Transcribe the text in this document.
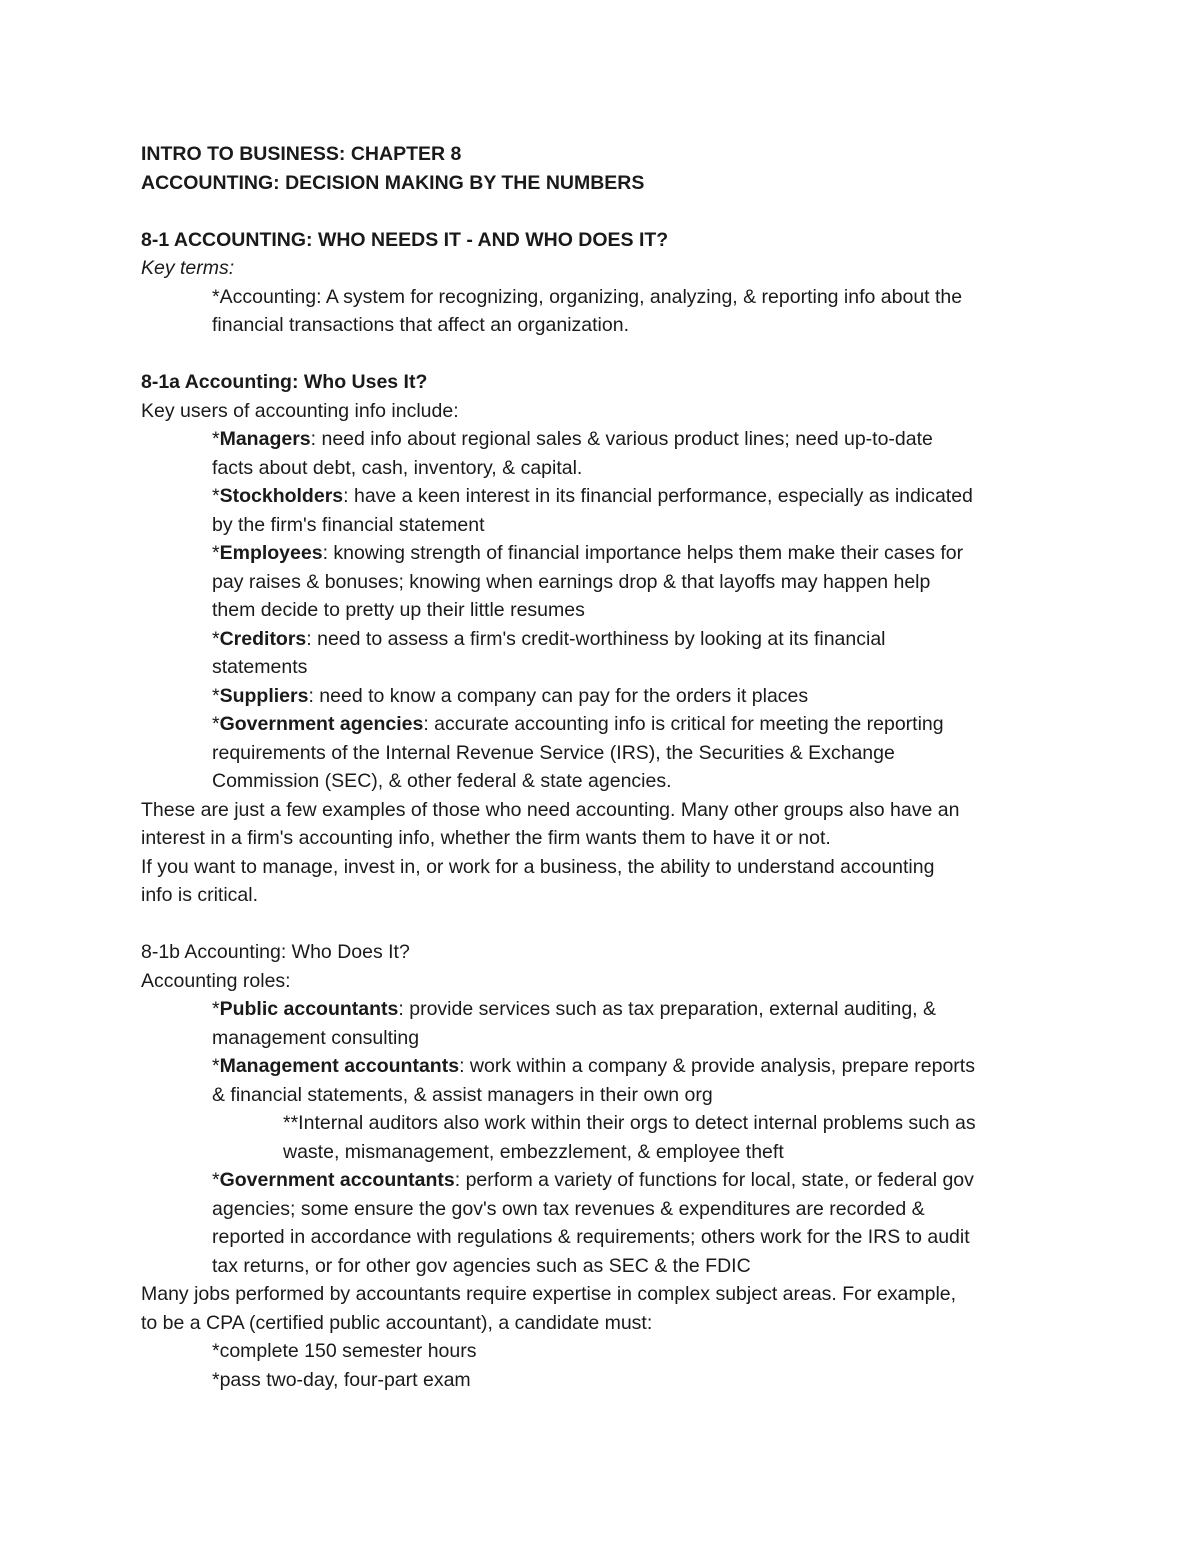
INTRO TO BUSINESS: CHAPTER 8

ACCOUNTING: DECISION MAKING BY THE NUMBERS

8-1 ACCOUNTING: WHO NEEDS IT - AND WHO DOES IT?

Key terms:

*Accounting: A system for recognizing, organizing, analyzing, & reporting info about the

financial transactions that affect an organization.

8-1a Accounting: Who Uses It?

Key users of accounting info include:

*Managers: need info about regional sales & various product lines; need up-to-date

facts about debt, cash, inventory, & capital.

*Stockholders: have a keen interest in its financial performance, especially as indicated

by the firm's financial statement

*Employees: knowing strength of financial importance helps them make their cases for

pay raises & bonuses; knowing when earnings drop & that layoffs may happen help

them decide to pretty up their little resumes

*Creditors: need to assess a firm's credit-worthiness by looking at its financial

statements

*Suppliers: need to know a company can pay for the orders it places

*Government agencies: accurate accounting info is critical for meeting the reporting

requirements of the Internal Revenue Service (IRS), the Securities & Exchange

Commission (SEC), & other federal & state agencies.

These are just a few examples of those who need accounting. Many other groups also have an

interest in a firm's accounting info, whether the firm wants them to have it or not.

If you want to manage, invest in, or work for a business, the ability to understand accounting

info is critical.

8-1b Accounting: Who Does It?

Accounting roles:

*Public accountants: provide services such as tax preparation, external auditing, &

management consulting

*Management accountants: work within a company & provide analysis, prepare reports

& financial statements, & assist managers in their own org

**Internal auditors also work within their orgs to detect internal problems such as

waste, mismanagement, embezzlement, & employee theft

*Government accountants: perform a variety of functions for local, state, or federal gov

agencies; some ensure the gov's own tax revenues & expenditures are recorded &

reported in accordance with regulations & requirements; others work for the IRS to audit

tax returns, or for other gov agencies such as SEC & the FDIC

Many jobs performed by accountants require expertise in complex subject areas. For example,

to be a CPA (certified public accountant), a candidate must:

*complete 150 semester hours

*pass two-day, four-part exam
